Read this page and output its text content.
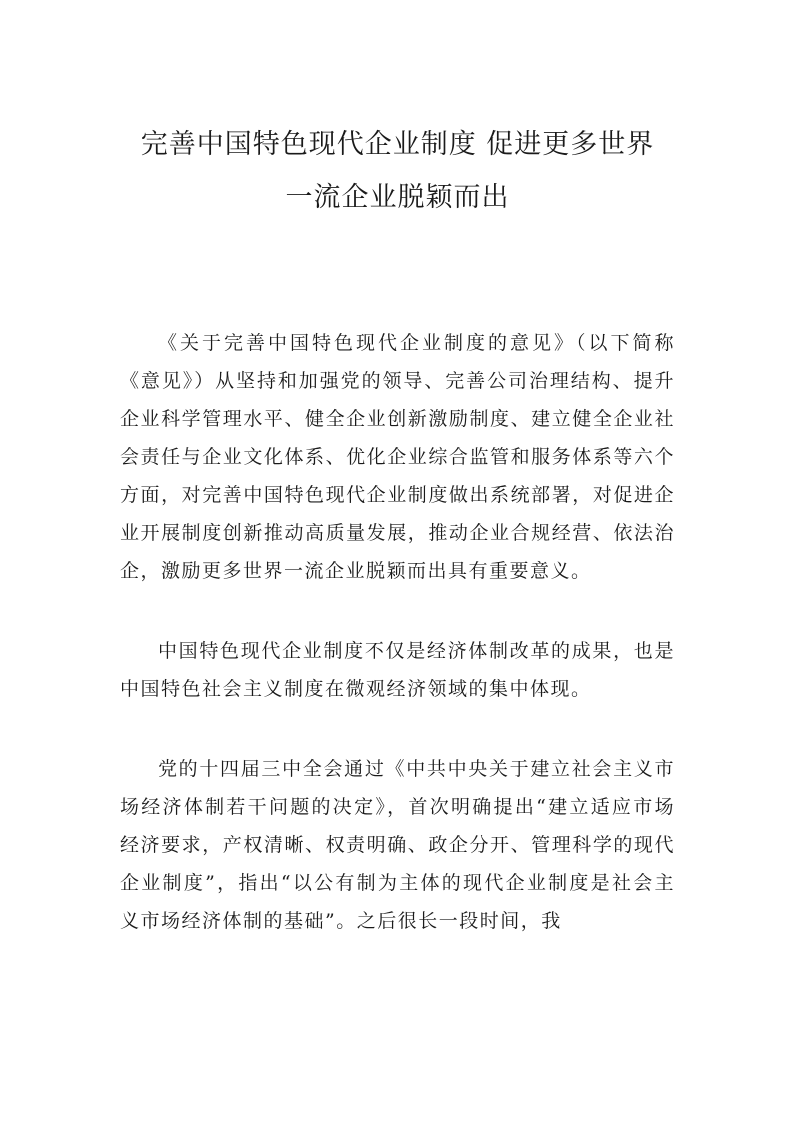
完善中国特色现代企业制度 促进更多世界
一流企业脱颖而出

《关于完善中国特色现代企业制度的意见》（以下简称《意见》）从坚持和加强党的领导、完善公司治理结构、提升企业科学管理水平、健全企业创新激励制度、建立健全企业社会责任与企业文化体系、优化企业综合监管和服务体系等六个方面，对完善中国特色现代企业制度做出系统部署，对促进企业开展制度创新推动高质量发展，推动企业合规经营、依法治企，激励更多世界一流企业脱颖而出具有重要意义。

中国特色现代企业制度不仅是经济体制改革的成果，也是中国特色社会主义制度在微观经济领域的集中体现。

党的十四届三中全会通过《中共中央关于建立社会主义市场经济体制若干问题的决定》，首次明确提出“建立适应市场经济要求，产权清晰、权责明确、政企分开、管理科学的现代企业制度”，指出“以公有制为主体的现代企业制度是社会主义市场经济体制的基础”。之后很长一段时间，我
